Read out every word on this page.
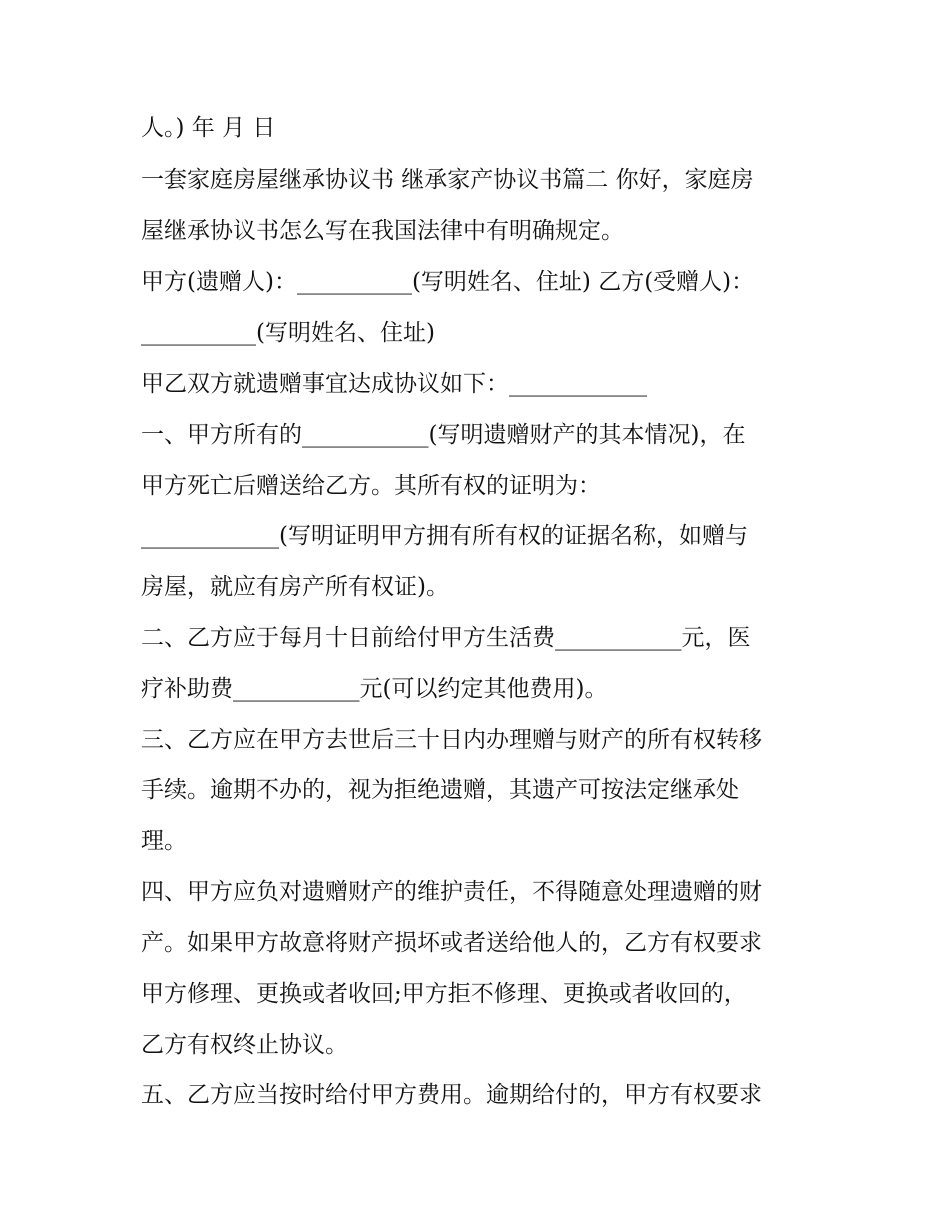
人。) 年 月 日

一套家庭房屋继承协议书 继承家产协议书篇二 你好，家庭房

屋继承协议书怎么写在我国法律中有明确规定。

甲方(遗赠人)：__________(写明姓名、住址) 乙方(受赠人)：

__________(写明姓名、住址)

甲乙双方就遗赠事宜达成协议如下：____________

一、甲方所有的___________(写明遗赠财产的其本情况)，在

甲方死亡后赠送给乙方。其所有权的证明为：

____________(写明证明甲方拥有所有权的证据名称，如赠与

房屋，就应有房产所有权证)。

二、乙方应于每月十日前给付甲方生活费___________元，医

疗补助费___________元(可以约定其他费用)。

三、乙方应在甲方去世后三十日内办理赠与财产的所有权转移

手续。逾期不办的，视为拒绝遗赠，其遗产可按法定继承处

理。

四、甲方应负对遗赠财产的维护责任，不得随意处理遗赠的财

产。如果甲方故意将财产损坏或者送给他人的，乙方有权要求

甲方修理、更换或者收回;甲方拒不修理、更换或者收回的，

乙方有权终止协议。

五、乙方应当按时给付甲方费用。逾期给付的，甲方有权要求
